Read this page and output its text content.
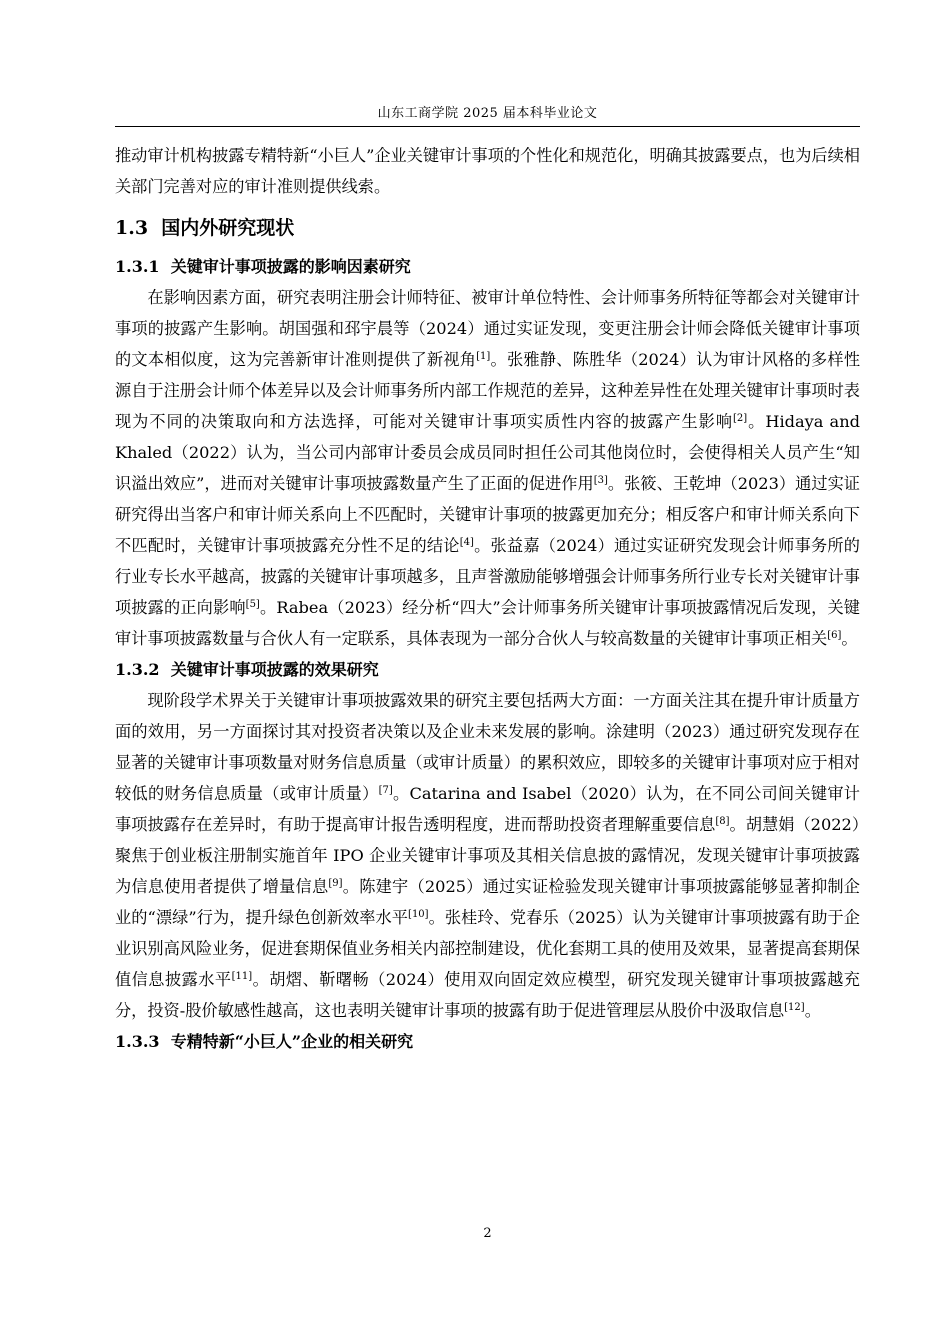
山东工商学院 2025 届本科毕业论文

推动审计机构披露专精特新“小巨人”企业关键审计事项的个性化和规范化，明确其披露要点，也为后续相关部门完善对应的审计准则提供线索。

1.3 国内外研究现状
1.3.1 关键审计事项披露的影响因素研究

在影响因素方面，研究表明注册会计师特征、被审计单位特性、会计师事务所特征等都会对关键审计事项的披露产生影响。胡国强和邳宇晨等（2024）通过实证发现，变更注册会计师会降低关键审计事项的文本相似度，这为完善新审计准则提供了新视角[1]。张雅静、陈胜华（2024）认为审计风格的多样性源自于注册会计师个体差异以及会计师事务所内部工作规范的差异，这种差异性在处理关键审计事项时表现为不同的决策取向和方法选择，可能对关键审计事项实质性内容的披露产生影响[2]。Hidaya and Khaled（2022）认为，当公司内部审计委员会成员同时担任公司其他岗位时，会使得相关人员产生“知识溢出效应”，进而对关键审计事项披露数量产生了正面的促进作用[3]。张筱、王乾坤（2023）通过实证研究得出当客户和审计师关系向上不匹配时，关键审计事项的披露更加充分；相反客户和审计师关系向下不匹配时，关键审计事项披露充分性不足的结论[4]。张益嘉（2024）通过实证研究发现会计师事务所的行业专长水平越高，披露的关键审计事项越多，且声誉激励能够增强会计师事务所行业专长对关键审计事项披露的正向影响[5]。Rabea（2023）经分析“四大”会计师事务所关键审计事项披露情况后发现，关键审计事项披露数量与合伙人有一定联系，具体表现为一部分合伙人与较高数量的关键审计事项正相关[6]。

1.3.2 关键审计事项披露的效果研究

现阶段学术界关于关键审计事项披露效果的研究主要包括两大方面：一方面关注其在提升审计质量方面的效用，另一方面探讨其对投资者决策以及企业未来发展的影响。涂建明（2023）通过研究发现存在显著的关键审计事项数量对财务信息质量（或审计质量）的累积效应，即较多的关键审计事项对应于相对较低的财务信息质量（或审计质量）[7]。Catarina and Isabel（2020）认为，在不同公司间关键审计事项披露存在差异时，有助于提高审计报告透明程度，进而帮助投资者理解重要信息[8]。胡慧娟（2022）聚焦于创业板注册制实施首年 IPO 企业关键审计事项及其相关信息披的露情况，发现关键审计事项披露为信息使用者提供了增量信息[9]。陈建宇（2025）通过实证检验发现关键审计事项披露能够显著抑制企业的“漂绿”行为，提升绿色创新效率水平[10]。张桂玲、党春乐（2025）认为关键审计事项披露有助于企业识别高风险业务，促进套期保值业务相关内部控制建设，优化套期工具的使用及效果，显著提高套期保值信息披露水平[11]。胡熠、靳曙畅（2024）使用双向固定效应模型，研究发现关键审计事项披露越充分，投资-股价敏感性越高，这也表明关键审计事项的披露有助于促进管理层从股价中汲取信息[12]。

1.3.3 专精特新“小巨人”企业的相关研究
2
